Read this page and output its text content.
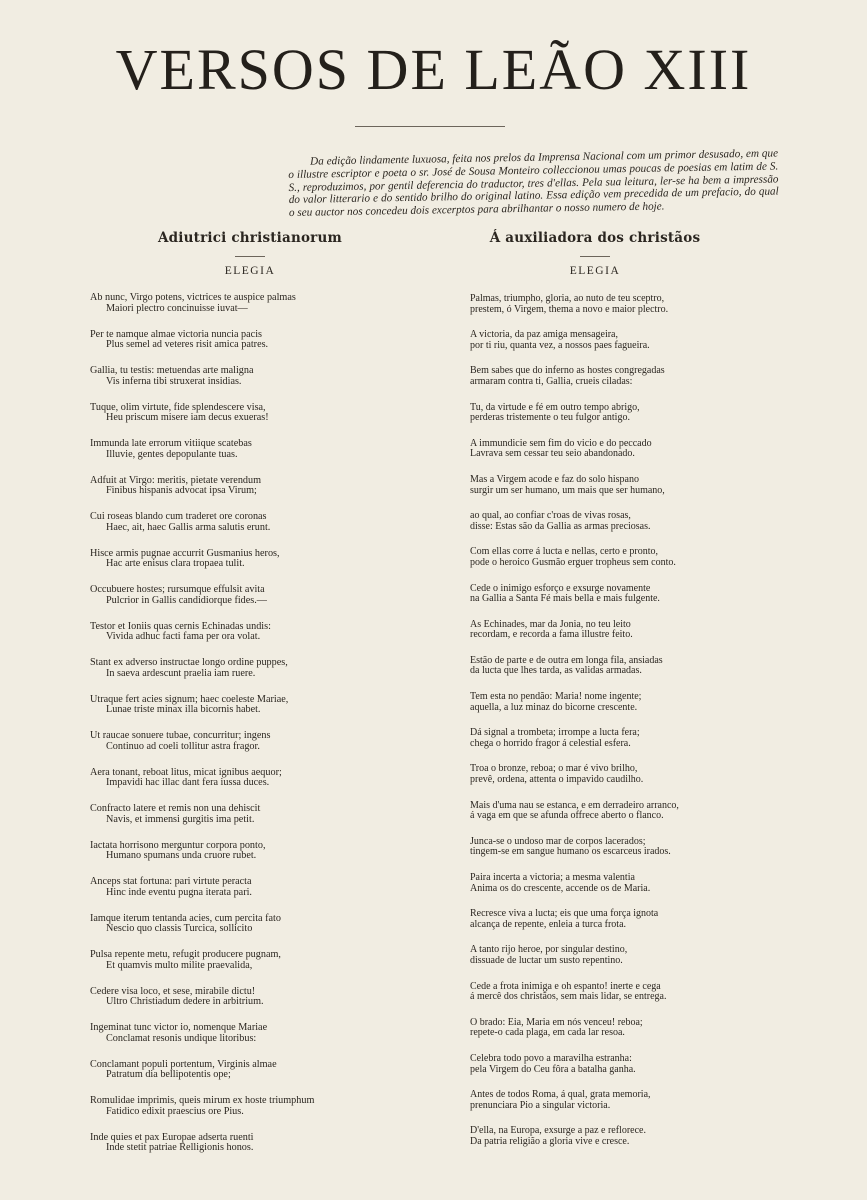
VERSOS DE LEÃO XIII

Da edição lindamente luxuosa, feita nos prelos da Imprensa Nacional com um primor desusado, em que o illustre escriptor e poeta o sr. José de Sousa Monteiro colleccionou umas poucas de poesias em latim de S. S., reproduzimos, por gentil deferencia do traductor, tres d'ellas. Pela sua leitura, ler-se ha bem a impressão do valor litterario e do sentido brilho do original latino. Essa edição vem precedida de um prefacio, do qual o seu auctor nos concedeu dois excerptos para abrilhantar o nosso numero de hoje.

Adiutrici christianorum

ELEGIA

Ab nunc, Virgo potens, victrices te auspice palmas
Maiori plectro concinuisse iuvat—
Per te namque almae victoria nuncia pacis
Plus semel ad veteres risit amica patres.
Gallia, tu testis: metuendas arte maligna
Vis inferna tibi struxerat insidias.
Tuque, olim virtute, fide splendescere visa,
Heu priscum misere iam decus exueras!
Immunda late errorum vitiique scatebas
Illuvie, gentes depopulante tuas.
Adfuit at Virgo: meritis, pietate verendum
Finibus hispanis advocat ipsa Virum;
Cui roseas blando cum traderet ore coronas
Haec, ait, haec Gallis arma salutis erunt.
Hisce armis pugnae accurrit Gusmanius heros,
Hac arte enisus clara tropaea tulit.
Occubuere hostes; rursumque effulsit avita
Pulcrior in Gallis candidiorque fides.—
Testor et Ioniis quas cernis Echinadas undis:
Vivida adhuc facti fama per ora volat.
Stant ex adverso instructae longo ordine puppes,
In saeva ardescunt praelia iam ruere.
Utraque fert acies signum; haec coeleste Mariae,
Lunae triste minax illa bicornis habet.
Ut raucae sonuere tubae, concurritur; ingens
Continuo ad coeli tollitur astra fragor.
Aera tonant, reboat litus, micat ignibus aequor;
Impavidi hac illac dant fera iussa duces.
Confracto latere et remis non una dehiscit
Navis, et immensi gurgitis ima petit.
Iactata horrisono merguntur corpora ponto,
Humano spumans unda cruore rubet.
Anceps stat fortuna: pari virtute peracta
Hinc inde eventu pugna iterata pari.
Iamque iterum tentanda acies, cum percita fato
Nescio quo classis Turcica, sollicito
Pulsa repente metu, refugit producere pugnam,
Et quamvis multo milite praevalida,
Cedere visa loco, et sese, mirabile dictu!
Ultro Christiadum dedere in arbitrium.
Ingeminat tunc victor io, nomenque Mariae
Conclamat resonis undique litoribus:
Conclamant populi portentum, Virginis almae
Patratum dia bellipotentis ope;
Romulidae imprimis, queis mirum ex hoste triumphum
Fatidico edixit praescius ore Pius.
Inde quies et pax Europae adserta ruenti
Inde stetit patriae Relligionis honos.
Á auxiliadora dos christãos

ELEGIA

Palmas, triumpho, gloria, ao nuto de teu sceptro,
prestem, ó Virgem, thema a novo e maior plectro.
A victoria, da paz amiga mensageira,
por ti riu, quanta vez, a nossos paes fagueira.
Bem sabes que do inferno as hostes congregadas
armaram contra ti, Gallia, crueis ciladas:
Tu, da virtude e fé em outro tempo abrigo,
perderas tristemente o teu fulgor antigo.
A immundicie sem fim do vicio e do peccado
Lavrava sem cessar teu seio abandonado.
Mas a Virgem acode e faz do solo hispano
surgir um ser humano, um mais que ser humano,
ao qual, ao confiar c'roas de vivas rosas,
disse: Estas são da Gallia as armas preciosas.
Com ellas corre á lucta e nellas, certo e pronto,
pode o heroico Gusmão erguer tropheus sem conto.
Cede o inimigo esforço e exsurge novamente
na Gallia a Santa Fé mais bella e mais fulgente.
As Echinades, mar da Jonia, no teu leito
recordam, e recorda a fama illustre feito.
Estão de parte e de outra em longa fila, ansiadas
da lucta que lhes tarda, as validas armadas.
Tem esta no pendão: Maria! nome ingente;
aquella, a luz minaz do bicorne crescente.
Dá signal a trombeta; irrompe a lucta fera;
chega o horrido fragor á celestial esfera.
Troa o bronze, reboa; o mar é vivo brilho,
prevê, ordena, attenta o impavido caudilho.
Mais d'uma nau se estanca, e em derradeiro arranco,
á vaga em que se afunda offrece aberto o flanco.
Junca-se o undoso mar de corpos lacerados;
tingem-se em sangue humano os escarceus irados.
Paira incerta a victoria; a mesma valentia
Anima os do crescente, accende os de Maria.
Recresce viva a lucta; eis que uma força ignota
alcança de repente, enleia a turca frota.
A tanto rijo heroe, por singular destino,
dissuade de luctar um susto repentino.
Cede a frota inimiga e oh espanto! inerte e cega
á mercê dos christãos, sem mais lidar, se entrega.
O brado: Eia, Maria em nós venceu! reboa;
repete-o cada plaga, em cada lar resoa.
Celebra todo povo a maravilha estranha:
pela Virgem do Ceu fôra a batalha ganha.
Antes de todos Roma, á qual, grata memoria,
prenunciara Pio a singular victoria.
D'ella, na Europa, exsurge a paz e reflorece.
Da patria religião a gloria vive e cresce.
